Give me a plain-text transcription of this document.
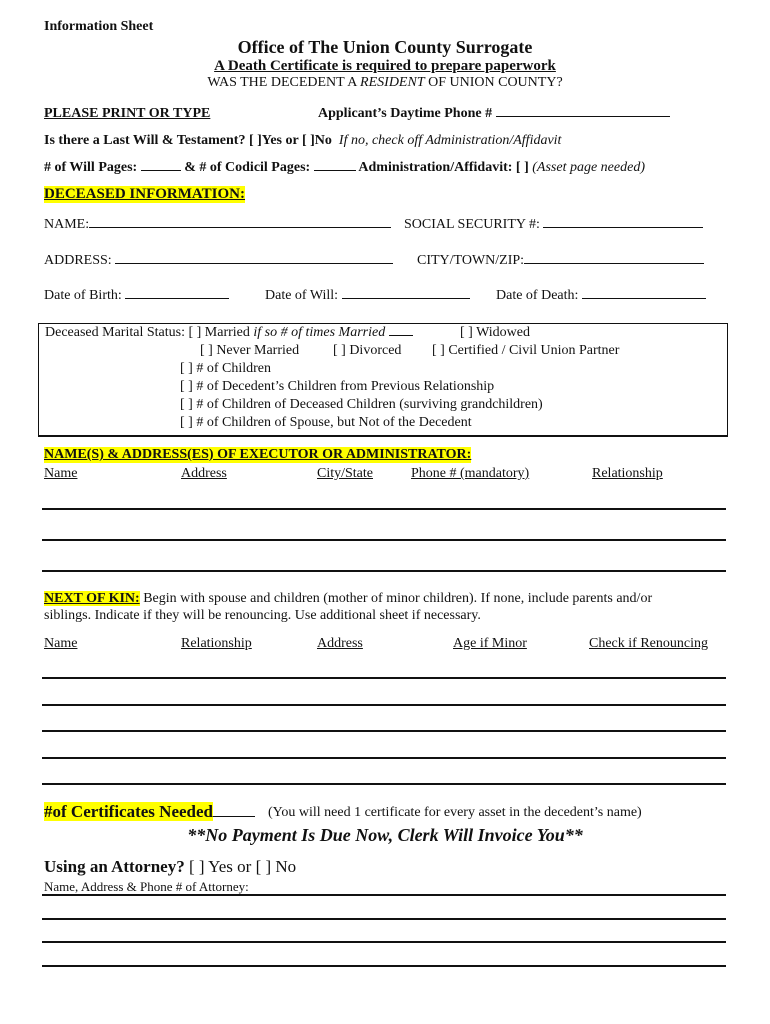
Information Sheet
Office of The Union County Surrogate
A Death Certificate is required to prepare paperwork
WAS THE DECEDENT A RESIDENT OF UNION COUNTY?
PLEASE PRINT OR TYPE	Applicant’s Daytime Phone #
Is there a Last Will & Testament? [ ]Yes or [ ]No If no, check off Administration/Affidavit
# of Will Pages:	& # of Codicil Pages:	Administration/Affidavit: [ ] (Asset page needed)
DECEASED INFORMATION:
NAME:	SOCIAL SECURITY #:
ADDRESS:	CITY/TOWN/ZIP:
Date of Birth:	Date of Will:	Date of Death:
Deceased Marital Status: [ ] Married if so # of times Married	[ ] Widowed
[ ] Never Married [ ] Divorced [ ] Certified / Civil Union Partner
[ ] # of Children
[ ] # of Decedent’s Children from Previous Relationship
[ ] # of Children of Deceased Children (surviving grandchildren)
[ ] # of Children of Spouse, but Not of the Decedent
NAME(S) & ADDRESS(ES) OF EXECUTOR OR ADMINISTRATOR:
Name	Address	City/State	Phone # (mandatory)	Relationship
NEXT OF KIN: Begin with spouse and children (mother of minor children). If none, include parents and/or
siblings. Indicate if they will be renouncing. Use additional sheet if necessary.
Name	Relationship	Address	Age if Minor	Check if Renouncing
#of Certificates Needed	(You will need 1 certificate for every asset in the decedent’s name)
**No Payment Is Due Now, Clerk Will Invoice You**
Using an Attorney? [ ] Yes or [ ] No
Name, Address & Phone # of Attorney:
